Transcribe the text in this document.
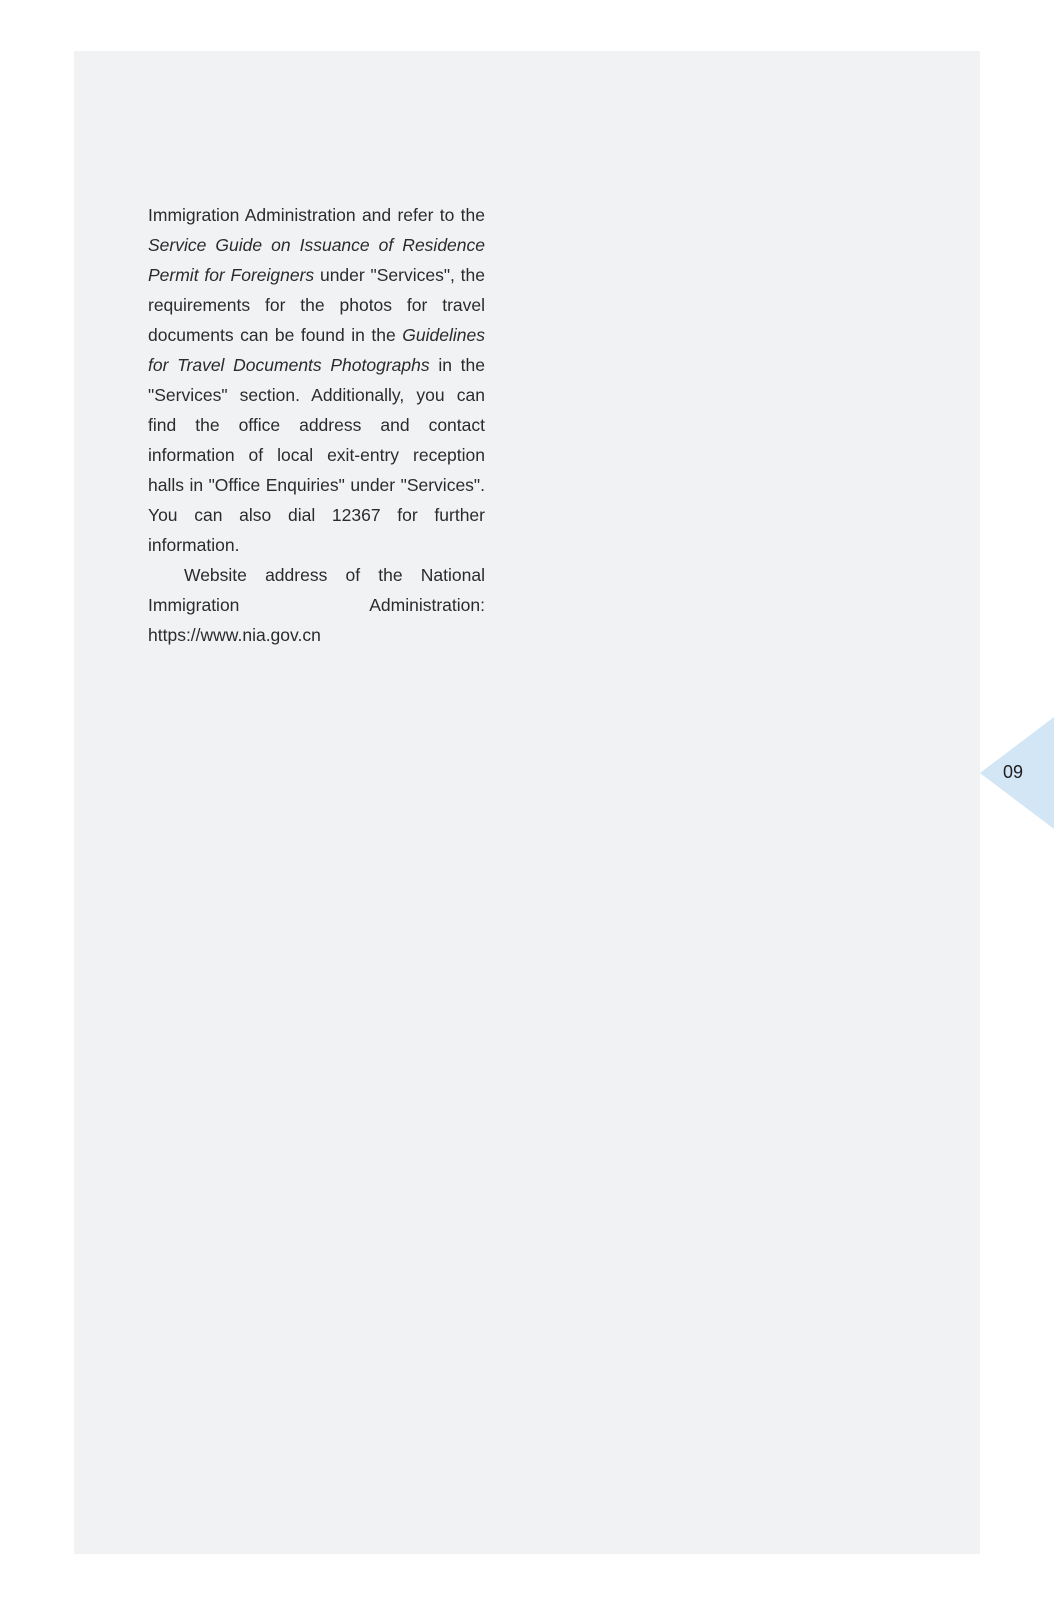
Immigration Administration and refer to the Service Guide on Issuance of Residence Permit for Foreigners under "Services", the requirements for the photos for travel documents can be found in the Guidelines for Travel Documents Photographs in the "Services" section. Additionally, you can find the office address and contact information of local exit-entry reception halls in "Office Enquiries" under "Services". You can also dial 12367 for further information.

Website address of the National Immigration Administration: https://www.nia.gov.cn

09
